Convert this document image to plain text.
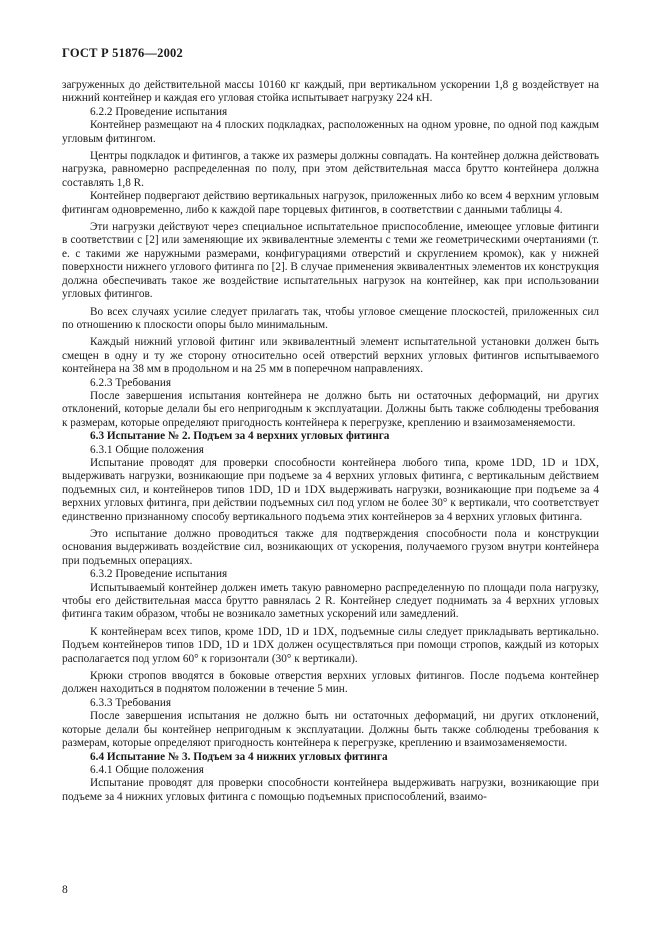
ГОСТ Р 51876—2002

загруженных до действительной массы 10160 кг каждый, при вертикальном ускорении 1,8 g воздействует на нижний контейнер и каждая его угловая стойка испытывает нагрузку 224 кН.

6.2.2 Проведение испытания

Контейнер размещают на 4 плоских подкладках, расположенных на одном уровне, по одной под каждым угловым фитингом.

Центры подкладок и фитингов, а также их размеры должны совпадать. На контейнер должна действовать нагрузка, равномерно распределенная по полу, при этом действительная масса брутто контейнера должна составлять 1,8 R.

Контейнер подвергают действию вертикальных нагрузок, приложенных либо ко всем 4 верхним угловым фитингам одновременно, либо к каждой паре торцевых фитингов, в соответствии с данными таблицы 4.

Эти нагрузки действуют через специальное испытательное приспособление, имеющее угловые фитинги в соответствии с [2] или заменяющие их эквивалентные элементы с теми же геометрическими очертаниями (т. е. с такими же наружными размерами, конфигурациями отверстий и скруглением кромок), как у нижней поверхности нижнего углового фитинга по [2]. В случае применения эквивалентных элементов их конструкция должна обеспечивать такое же воздействие испытательных нагрузок на контейнер, как при использовании угловых фитингов.

Во всех случаях усилие следует прилагать так, чтобы угловое смещение плоскостей, приложенных сил по отношению к плоскости опоры было минимальным.

Каждый нижний угловой фитинг или эквивалентный элемент испытательной установки должен быть смещен в одну и ту же сторону относительно осей отверстий верхних угловых фитингов испытываемого контейнера на 38 мм в продольном и на 25 мм в поперечном направлениях.

6.2.3 Требования

После завершения испытания контейнера не должно быть ни остаточных деформаций, ни других отклонений, которые делали бы его непригодным к эксплуатации. Должны быть также соблюдены требования к размерам, которые определяют пригодность контейнера к перегрузке, креплению и взаимозаменяемости.

6.3 Испытание № 2. Подъем за 4 верхних угловых фитинга

6.3.1 Общие положения

Испытание проводят для проверки способности контейнера любого типа, кроме 1DD, 1D и 1DX, выдерживать нагрузки, возникающие при подъеме за 4 верхних угловых фитинга, с вертикальным действием подъемных сил, и контейнеров типов 1DD, 1D и 1DX выдерживать нагрузки, возникающие при подъеме за 4 верхних угловых фитинга, при действии подъемных сил под углом не более 30° к вертикали, что соответствует единственно признанному способу вертикального подъема этих контейнеров за 4 верхних угловых фитинга.

Это испытание должно проводиться также для подтверждения способности пола и конструкции основания выдерживать воздействие сил, возникающих от ускорения, получаемого грузом внутри контейнера при подъемных операциях.

6.3.2 Проведение испытания

Испытываемый контейнер должен иметь такую равномерно распределенную по площади пола нагрузку, чтобы его действительная масса брутто равнялась 2 R. Контейнер следует поднимать за 4 верхних угловых фитинга таким образом, чтобы не возникало заметных ускорений или замедлений.

К контейнерам всех типов, кроме 1DD, 1D и 1DX, подъемные силы следует прикладывать вертикально. Подъем контейнеров типов 1DD, 1D и 1DX должен осуществляться при помощи стропов, каждый из которых располагается под углом 60° к горизонтали (30° к вертикали).

Крюки стропов вводятся в боковые отверстия верхних угловых фитингов. После подъема контейнер должен находиться в поднятом положении в течение 5 мин.

6.3.3 Требования

После завершения испытания не должно быть ни остаточных деформаций, ни других отклонений, которые делали бы контейнер непригодным к эксплуатации. Должны быть также соблюдены требования к размерам, которые определяют пригодность контейнера к перегрузке, креплению и взаимозаменяемости.

6.4 Испытание № 3. Подъем за 4 нижних угловых фитинга

6.4.1 Общие положения

Испытание проводят для проверки способности контейнера выдерживать нагрузки, возникающие при подъеме за 4 нижних угловых фитинга с помощью подъемных приспособлений, взаимо-

8
